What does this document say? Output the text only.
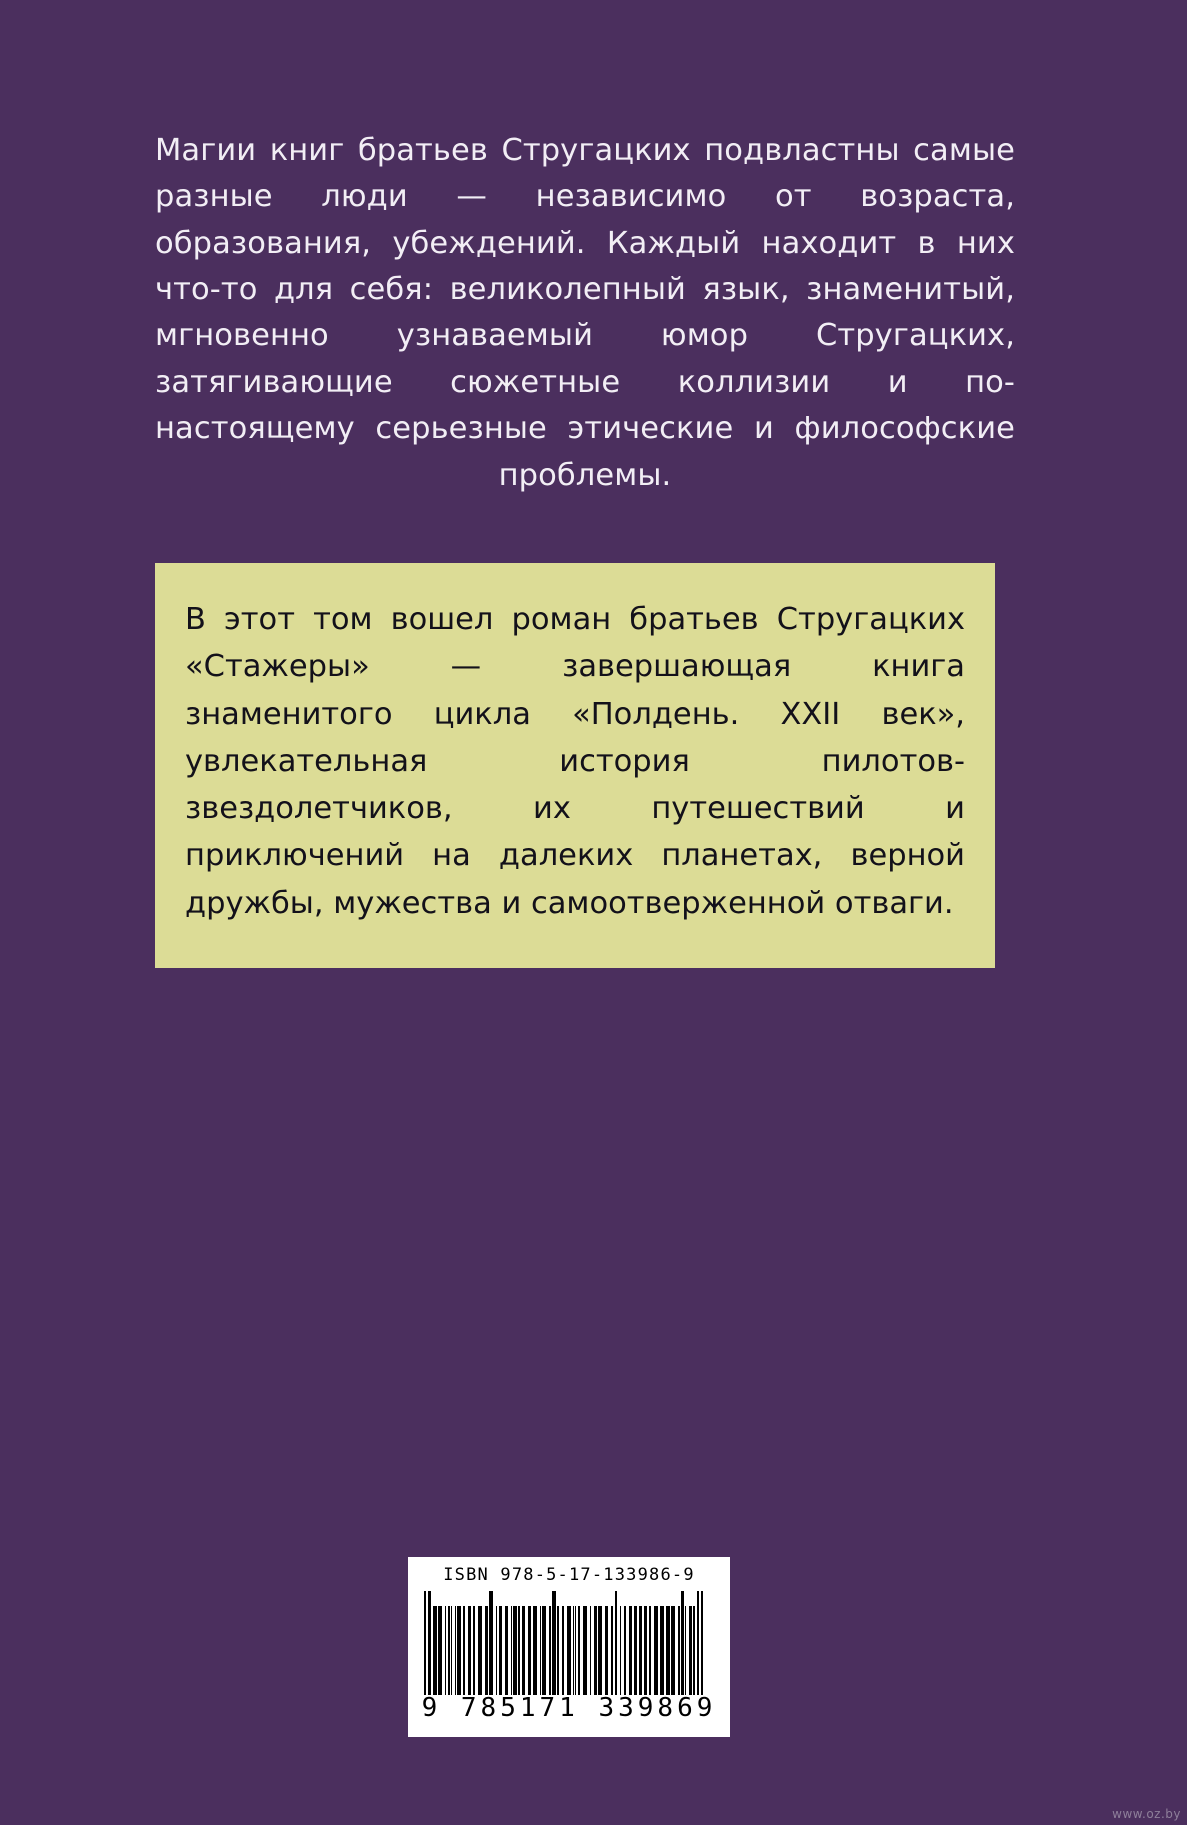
Магии книг братьев Стругацких подвластны самые разные люди — независимо от возраста, образования, убеждений. Каждый находит в них что-то для себя: великолепный язык, знаменитый, мгновенно узнаваемый юмор Стругацких, затягивающие сюжетные коллизии и по-настоящему серьезные этические и философские проблемы.
В этот том вошел роман братьев Стругацких «Стажеры» — завершающая книга знаменитого цикла «Полдень. XXII век», увлекательная история пилотов-звездолетчиков, их путешествий и приключений на далеких планетах, верной дружбы, мужества и самоотверженной отваги.
ISBN 978-5-17-133986-9
9 785171 339869
www.oz.by
